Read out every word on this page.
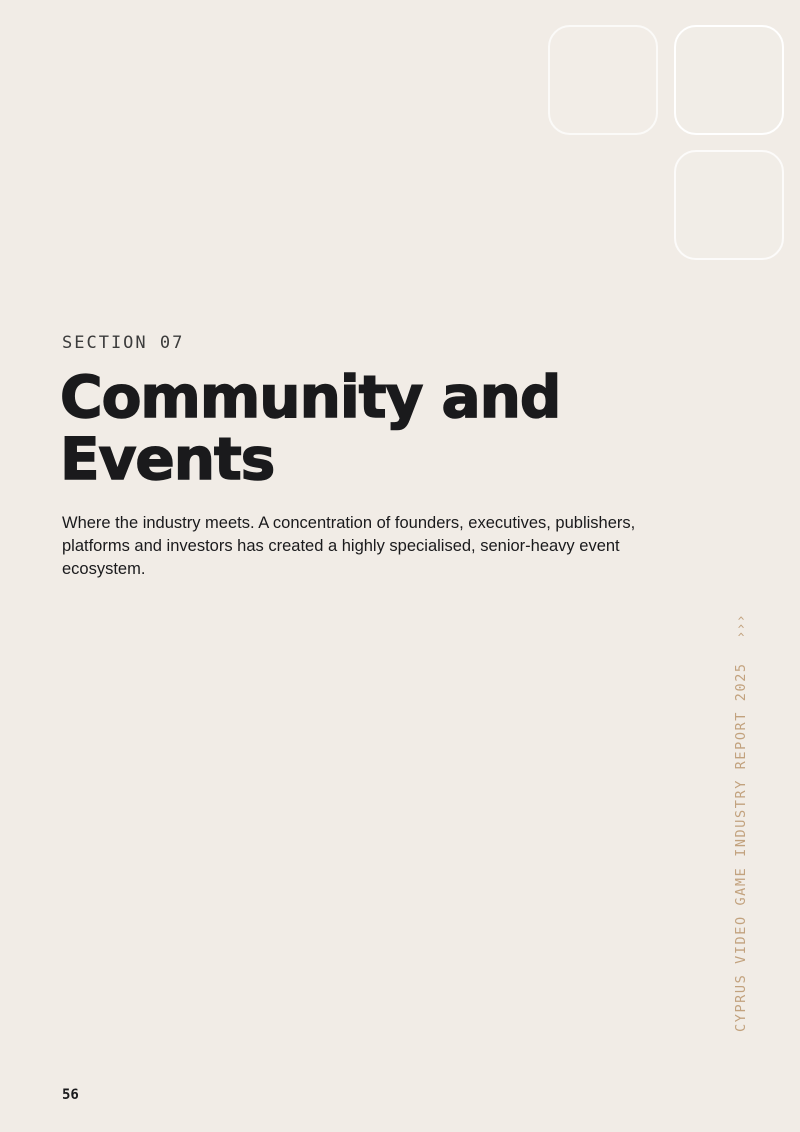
SECTION 07
Community and
Events

Where the industry meets. A concentration of founders, executives, publishers, platforms and investors has created a highly specialised, senior-heavy event ecosystem.

CYPRUS VIDEO GAME INDUSTRY REPORT 2025 ›››
56
